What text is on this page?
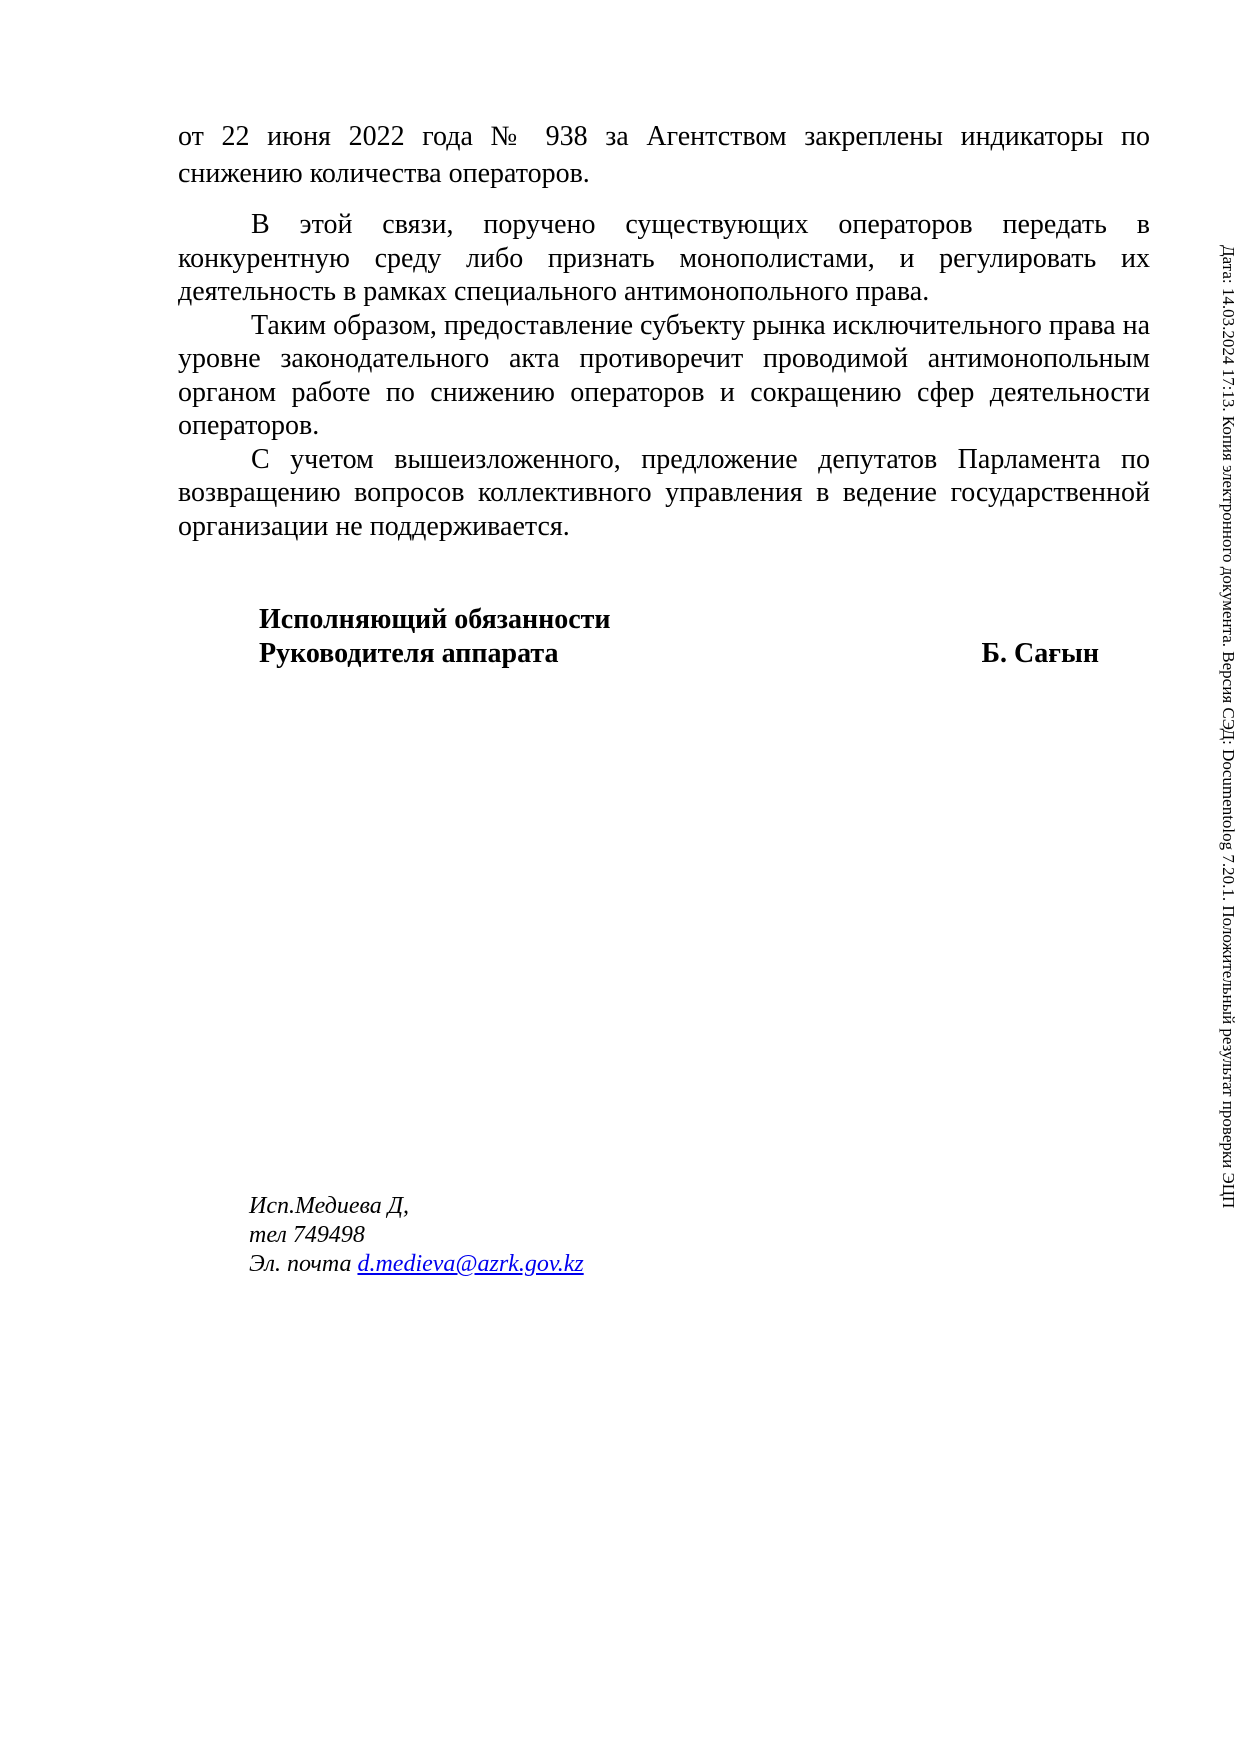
от 22 июня 2022 года № 938 за Агентством закреплены индикаторы по снижению количества операторов.

В этой связи, поручено существующих операторов передать в конкурентную среду либо признать монополистами, и регулировать их деятельность в рамках специального антимонопольного права.

Таким образом, предоставление субъекту рынка исключительного права на уровне законодательного акта противоречит проводимой антимонопольным органом работе по снижению операторов и сокращению сфер деятельности операторов.

С учетом вышеизложенного, предложение депутатов Парламента по возвращению вопросов коллективного управления в ведение государственной организации не поддерживается.

Исполняющий обязанности
Руководителя аппарата	Б. Сағын
Исп.Медиева Д,
тел 749498
Эл. почта d.medieva@azrk.gov.kz
Дата: 14.03.2024 17:13. Копия электронного документа. Версия СЭД: Documentolog 7.20.1. Положительный результат проверки ЭЦП
